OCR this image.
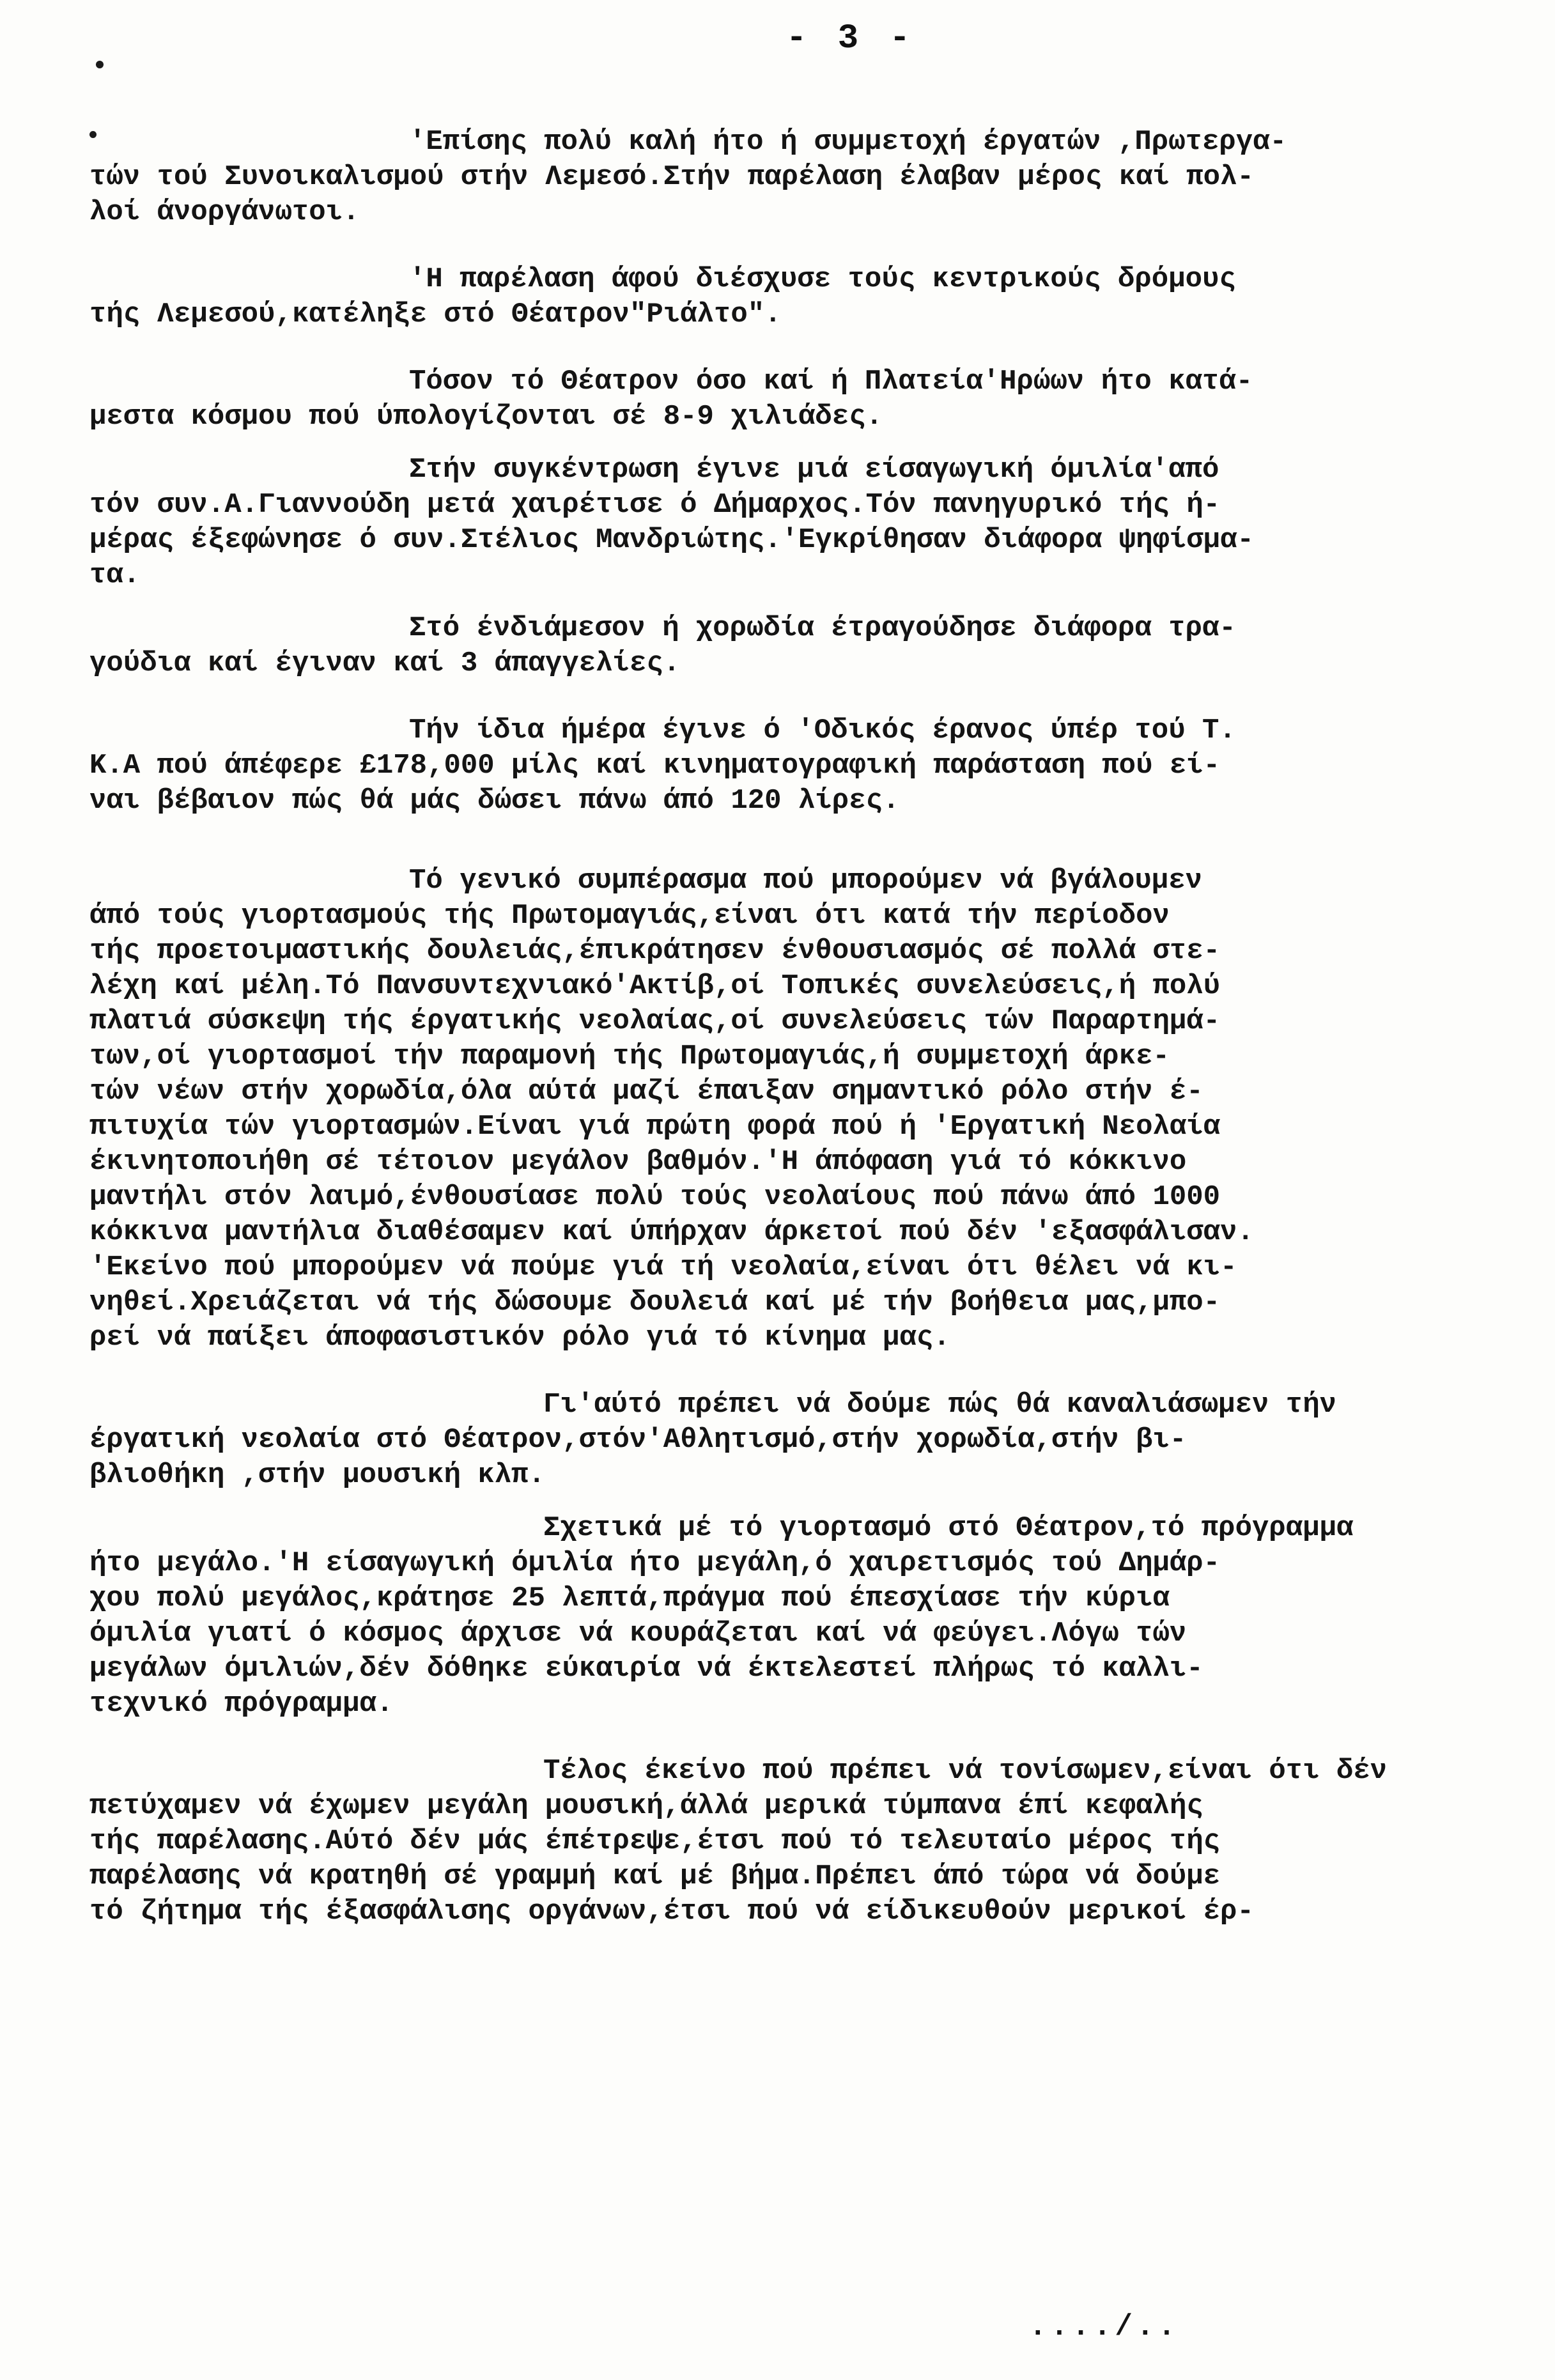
- 3 -
'Επίσης πολύ καλή ήτο ή συμμετοχή έργατών ,Πρωτεργα-
τών τού Συνοικαλισμού στήν Λεμεσό.Στήν παρέλαση έλαβαν μέρος καί πολ-
λοί άνοργάνωτοι.
'Η παρέλαση άφού διέσχυσε τούς κεντρικούς δρόμους
τής Λεμεσού,κατέληξε στό Θέατρον"Ριάλτο".
Τόσον τό Θέατρον όσο καί ή Πλατεία'Ηρώων ήτο κατά-
μεστα κόσμου πού ύπολογίζονται σέ 8-9 χιλιάδες.
Στήν συγκέντρωση έγινε μιά είσαγωγική όμιλία'από
τόν συν.Α.Γιαννούδη μετά χαιρέτισε ό Δήμαρχος.Τόν πανηγυρικό τής ή-
μέρας έξεφώνησε ό συν.Στέλιος Μανδριώτης.'Εγκρίθησαν διάφορα ψηφίσμα-
τα.
Στό ένδιάμεσον ή χορωδία έτραγούδησε διάφορα τρα-
γούδια καί έγιναν καί 3 άπαγγελίες.
Τήν ίδια ήμέρα έγινε ό 'Οδικός έρανος ύπέρ τού Τ.
Κ.Α πού άπέφερε £178,000 μίλς καί κινηματογραφική παράσταση πού εί-
ναι βέβαιον πώς θά μάς δώσει πάνω άπό 120 λίρες.
Τό γενικό συμπέρασμα πού μπορούμεν νά βγάλουμεν
άπό τούς γιορτασμούς τής Πρωτομαγιάς,είναι ότι κατά τήν περίοδον
τής προετοιμαστικής δουλειάς,έπικράτησεν ένθουσιασμός σέ πολλά στε-
λέχη καί μέλη.Τό Πανσυντεχνιακό'Ακτίβ,οί Τοπικές συνελεύσεις,ή πολύ
πλατιά σύσκεψη τής έργατικής νεολαίας,οί συνελεύσεις τών Παραρτημά-
των,οί γιορτασμοί τήν παραμονή τής Πρωτομαγιάς,ή συμμετοχή άρκε-
τών νέων στήν χορωδία,όλα αύτά μαζί έπαιξαν σημαντικό ρόλο στήν έ-
πιτυχία τών γιορτασμών.Είναι γιά πρώτη φορά πού ή 'Εργατική Νεολαία
έκινητοποιήθη σέ τέτοιον μεγάλον βαθμόν.'Η άπόφαση γιά τό κόκκινο
μαντήλι στόν λαιμό,ένθουσίασε πολύ τούς νεολαίους πού πάνω άπό 1000
κόκκινα μαντήλια διαθέσαμεν καί ύπήρχαν άρκετοί πού δέν 'εξασφάλισαν.
'Εκείνο πού μπορούμεν νά πούμε γιά τή νεολαία,είναι ότι θέλει νά κι-
νηθεί.Χρειάζεται νά τής δώσουμε δουλειά καί μέ τήν βοήθεια μας,μπο-
ρεί νά παίξει άποφασιστικόν ρόλο γιά τό κίνημα μας.
Γι'αύτό πρέπει νά δούμε πώς θά καναλιάσωμεν τήν
έργατική νεολαία στό Θέατρον,στόν'Αθλητισμό,στήν χορωδία,στήν βι-
βλιοθήκη ,στήν μουσική κλπ.
Σχετικά μέ τό γιορτασμό στό Θέατρον,τό πρόγραμμα
ήτο μεγάλο.'Η είσαγωγική όμιλία ήτο μεγάλη,ό χαιρετισμός τού Δημάρ-
χου πολύ μεγάλος,κράτησε 25 λεπτά,πράγμα πού έπεσχίασε τήν κύρια
όμιλία γιατί ό κόσμος άρχισε νά κουράζεται καί νά φεύγει.Λόγω τών
μεγάλων όμιλιών,δέν δόθηκε εύκαιρία νά έκτελεστεί πλήρως τό καλλι-
τεχνικό πρόγραμμα.
Τέλος έκείνο πού πρέπει νά τονίσωμεν,είναι ότι δέν
πετύχαμεν νά έχωμεν μεγάλη μουσική,άλλά μερικά τύμπανα έπί κεφαλής
τής παρέλασης.Αύτό δέν μάς έπέτρεψε,έτσι πού τό τελευταίο μέρος τής
παρέλασης νά κρατηθή σέ γραμμή καί μέ βήμα.Πρέπει άπό τώρα νά δούμε
τό ζήτημα τής έξασφάλισης οργάνων,έτσι πού νά είδικευθούν μερικοί έρ-
..../..
